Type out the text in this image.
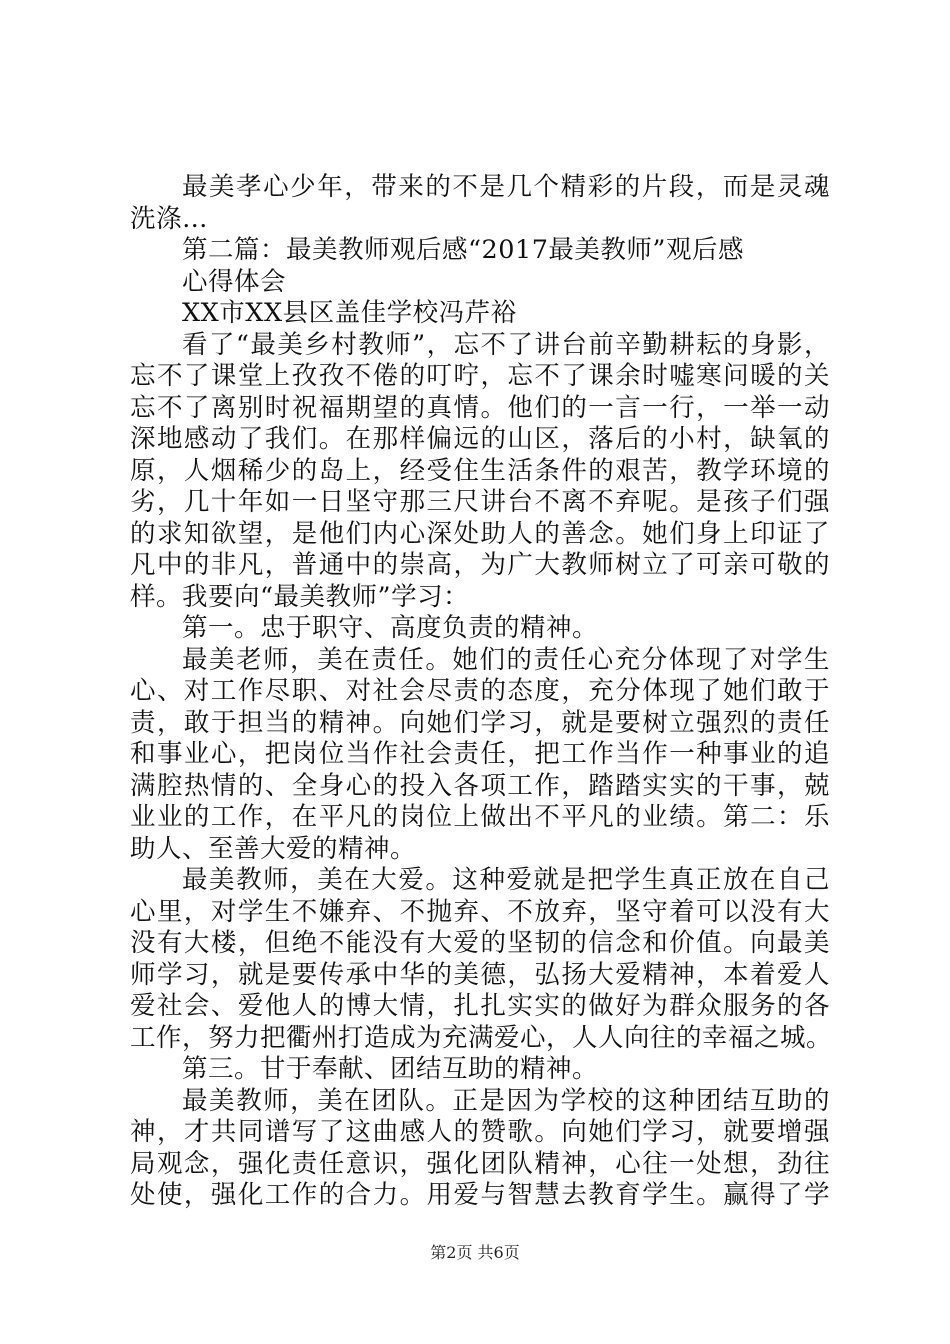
最美孝心少年，带来的不是几个精彩的片段，而是灵魂
洗涤…
第二篇：最美教师观后感“2017最美教师”观后感
心得体会
XX市XX县区盖佳学校冯芹裕
看了“最美乡村教师”，忘不了讲台前辛勤耕耘的身影，
忘不了课堂上孜孜不倦的叮咛，忘不了课余时嘘寒问暖的关
忘不了离别时祝福期望的真情。他们的一言一行，一举一动
深地感动了我们。在那样偏远的山区，落后的小村，缺氧的
原，人烟稀少的岛上，经受住生活条件的艰苦，教学环境的
劣，几十年如一日坚守那三尺讲台不离不弃呢。是孩子们强
的求知欲望，是他们内心深处助人的善念。她们身上印证了
凡中的非凡，普通中的崇高，为广大教师树立了可亲可敬的
样。我要向“最美教师”学习：
第一。忠于职守、高度负责的精神。
最美老师，美在责任。她们的责任心充分体现了对学生
心、对工作尽职、对社会尽责的态度，充分体现了她们敢于
责，敢于担当的精神。向她们学习，就是要树立强烈的责任
和事业心，把岗位当作社会责任，把工作当作一种事业的追
满腔热情的、全身心的投入各项工作，踏踏实实的干事，兢
业业的工作，在平凡的岗位上做出不平凡的业绩。第二：乐
助人、至善大爱的精神。
最美教师，美在大爱。这种爱就是把学生真正放在自己
心里，对学生不嫌弃、不抛弃、不放弃，坚守着可以没有大
没有大楼，但绝不能没有大爱的坚韧的信念和价值。向最美
师学习，就是要传承中华的美德，弘扬大爱精神，本着爱人
爱社会、爱他人的博大情，扎扎实实的做好为群众服务的各
工作，努力把衢州打造成为充满爱心，人人向往的幸福之城。
第三。甘于奉献、团结互助的精神。
最美教师，美在团队。正是因为学校的这种团结互助的
神，才共同谱写了这曲感人的赞歌。向她们学习，就要增强
局观念，强化责任意识，强化团队精神，心往一处想，劲往
处使，强化工作的合力。用爱与智慧去教育学生。赢得了学
第2页 共6页
